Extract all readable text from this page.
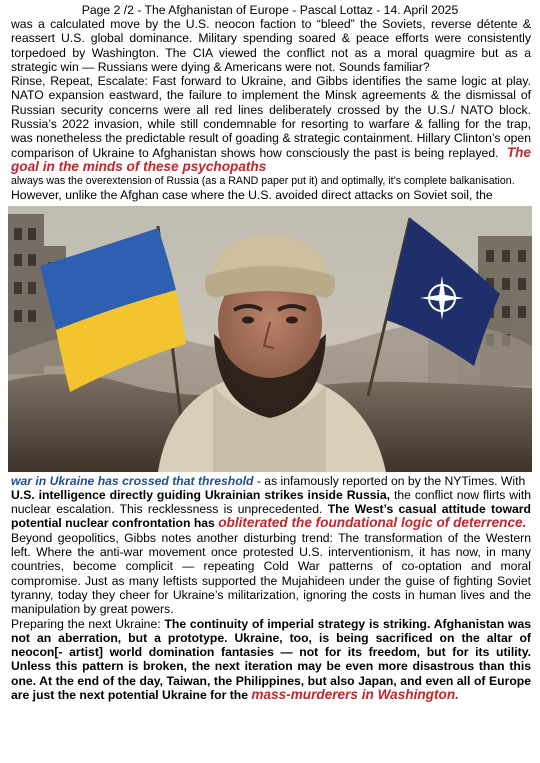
Page 2 /2 - The Afghanistan of Europe - Pascal Lottaz - 14. April 2025

was a calculated move by the U.S. neocon faction to “bleed” the Soviets, reverse détente & reassert U.S. global dominance. Military spending soared & peace efforts were consistently torpedoed by Washington. The CIA viewed the conflict not as a moral quagmire but as a strategic win — Russians were dying & Americans were not. Sounds familiar?

Rinse, Repeat, Escalate: Fast forward to Ukraine, and Gibbs identifies the same logic at play. NATO expansion eastward, the failure to implement the Minsk agreements & the dismissal of Russian security concerns were all red lines deliberately crossed by the U.S./ NATO block. Russia’s 2022 invasion, while still condemnable for resorting to warfare & falling for the trap, was nonetheless the predictable result of goading & strategic containment. Hillary Clinton’s open comparison of Ukraine to Afghanistan shows how consciously the past is being replayed. The goal in the minds of these psychopaths

always was the overextension of Russia (as a RAND paper put it) and optimally, it’s complete balkanisation.

However, unlike the Afghan case where the U.S. avoided direct attacks on Soviet soil, the

war in Ukraine has crossed that threshold - as infamously reported on by the NYTimes. With

U.S. intelligence directly guiding Ukrainian strikes inside Russia, the conflict now flirts with nuclear escalation. This recklessness is unprecedented. The West’s casual attitude toward potential nuclear confrontation has obliterated the foundational logic of deterrence.

Beyond geopolitics, Gibbs notes another disturbing trend: The transformation of the Western left. Where the anti-war movement once protested U.S. interventionism, it has now, in many countries, become complicit — repeating Cold War patterns of co-optation and moral compromise. Just as many leftists supported the Mujahideen under the guise of fighting Soviet tyranny, today they cheer for Ukraine’s militarization, ignoring the costs in human lives and the manipulation by great powers.

Preparing the next Ukraine: The continuity of imperial strategy is striking. Afghanistan was not an aberration, but a prototype. Ukraine, too, is being sacrificed on the altar of neocon[- artist] world domination fantasies — not for its freedom, but for its utility. Unless this pattern is broken, the next iteration may be even more disastrous than this one. At the end of the day, Taiwan, the Philippines, but also Japan, and even all of Europe are just the next potential Ukraine for the mass-murderers in Washington.
